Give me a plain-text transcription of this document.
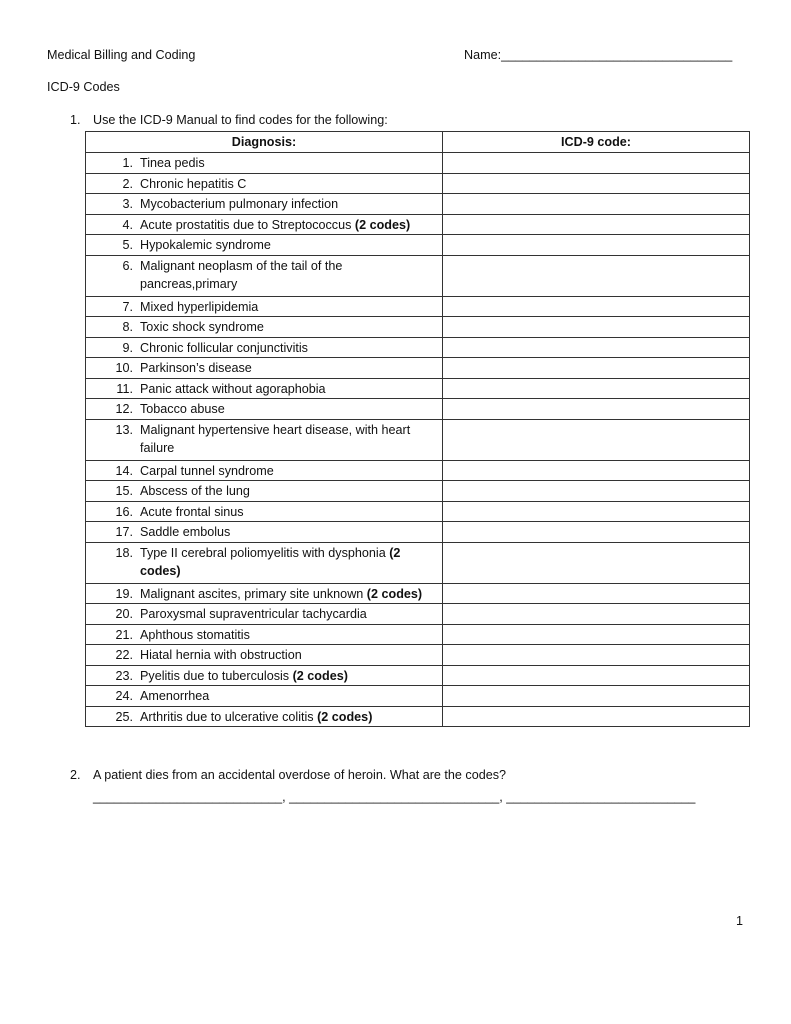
Medical Billing and Coding	Name:_________________________________
ICD-9 Codes
1. Use the ICD-9 Manual to find codes for the following:
Diagnosis:	ICD-9 code:

1. Tinea pedis	

2. Chronic hepatitis C	

3. Mycobacterium pulmonary infection	

4. Acute prostatitis due to Streptococcus (2 codes)	

5. Hypokalemic syndrome	

6. Malignant neoplasm of the tail of the pancreas,primary	

7. Mixed hyperlipidemia	

8. Toxic shock syndrome	

9. Chronic follicular conjunctivitis	

10. Parkinson’s disease	

11. Panic attack without agoraphobia	

12. Tobacco abuse	

13. Malignant hypertensive heart disease, with heart failure	

14. Carpal tunnel syndrome	

15. Abscess of the lung	

16. Acute frontal sinus	

17. Saddle embolus	

18. Type II cerebral poliomyelitis with dysphonia (2 codes)	

19. Malignant ascites, primary site unknown (2 codes)	

20. Paroxysmal supraventricular tachycardia	

21. Aphthous stomatitis	

22. Hiatal hernia with obstruction	

23. Pyelitis due to tuberculosis (2 codes)	

24. Amenorrhea	

25. Arthritis due to ulcerative colitis (2 codes)	

2. A patient dies from an accidental overdose of heroin. What are the codes?
___________________________, ______________________________, ___________________________
1
